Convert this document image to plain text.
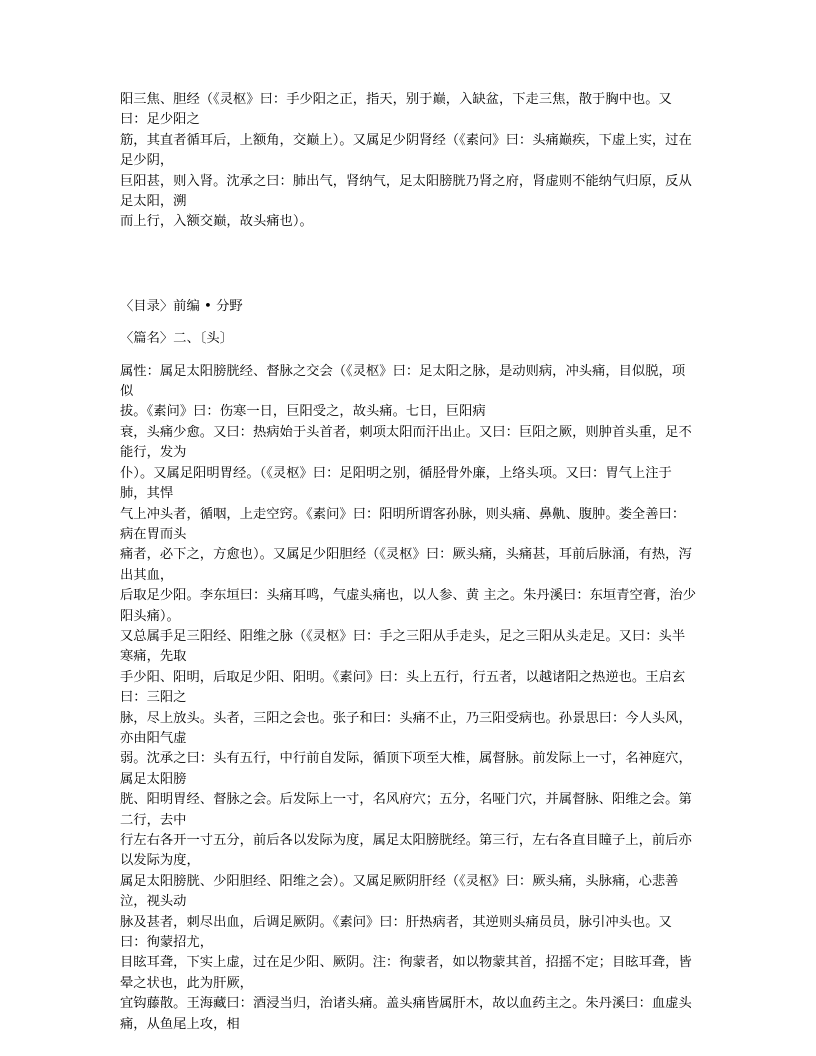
阳三焦、胆经（《灵枢》曰：手少阳之正，指天，别于巅，入缺盆，下走三焦，散于胸中也。又曰：足少阳之
筋，其直者循耳后，上额角，交巅上）。又属足少阴肾经（《素问》曰：头痛巅疾，下虚上实，过在足少阴，
巨阳甚，则入肾。沈承之曰：肺出气，肾纳气，足太阳膀胱乃肾之府，肾虚则不能纳气归原，反从足太阳，溯
而上行，入额交巅，故头痛也）。

〈目录〉前编 • 分野

〈篇名〉二、〔头〕

属性：属足太阳膀胱经、督脉之交会（《灵枢》曰：足太阳之脉，是动则病，冲头痛，目似脱，项似
拔。《素问》曰：伤寒一日，巨阳受之，故头痛。七日，巨阳病
衰，头痛少愈。又曰：热病始于头首者，刺项太阳而汗出止。又曰：巨阳之厥，则肿首头重，足不能行，发为
仆）。又属足阳明胃经。（《灵枢》曰：足阳明之别，循胫骨外廉，上络头项。又曰：胃气上注于肺，其悍
气上冲头者，循咽，上走空窍。《素问》曰：阳明所谓客孙脉，则头痛、鼻鼽、腹肿。娄全善曰：病在胃而头
痛者，必下之，方愈也）。又属足少阳胆经（《灵枢》曰：厥头痛，头痛甚，耳前后脉涌，有热，泻出其血，
后取足少阳。李东垣曰：头痛耳鸣，气虚头痛也，以人参、黄 主之。朱丹溪曰：东垣青空膏，治少阳头痛）。
又总属手足三阳经、阳维之脉（《灵枢》曰：手之三阳从手走头，足之三阳从头走足。又曰：头半寒痛，先取
手少阳、阳明，后取足少阳、阳明。《素问》曰：头上五行，行五者，以越诸阳之热逆也。王启玄曰：三阳之
脉，尽上放头。头者，三阳之会也。张子和曰：头痛不止，乃三阳受病也。孙景思曰：今人头风，亦由阳气虚
弱。沈承之曰：头有五行，中行前自发际，循顶下项至大椎，属督脉。前发际上一寸，名神庭穴，属足太阳膀
胱、阳明胃经、督脉之会。后发际上一寸，名风府穴；五分，名哑门穴，并属督脉、阳维之会。第二行，去中
行左右各开一寸五分，前后各以发际为度，属足太阳膀胱经。第三行，左右各直目瞳子上，前后亦以发际为度，
属足太阳膀胱、少阳胆经、阳维之会）。又属足厥阴肝经（《灵枢》曰：厥头痛，头脉痛，心悲善泣，视头动
脉及甚者，刺尽出血，后调足厥阴。《素问》曰：肝热病者，其逆则头痛员员，脉引冲头也。又曰：徇蒙招尤，
目眩耳聋，下实上虚，过在足少阳、厥阴。注：徇蒙者，如以物蒙其首，招摇不定；目眩耳聋，皆晕之状也，此为肝厥，
宜钩藤散。王海藏曰：酒浸当归，治诸头痛。盖头痛皆属肝木，故以血药主之。朱丹溪曰：血虚头痛，从鱼尾上攻，相
